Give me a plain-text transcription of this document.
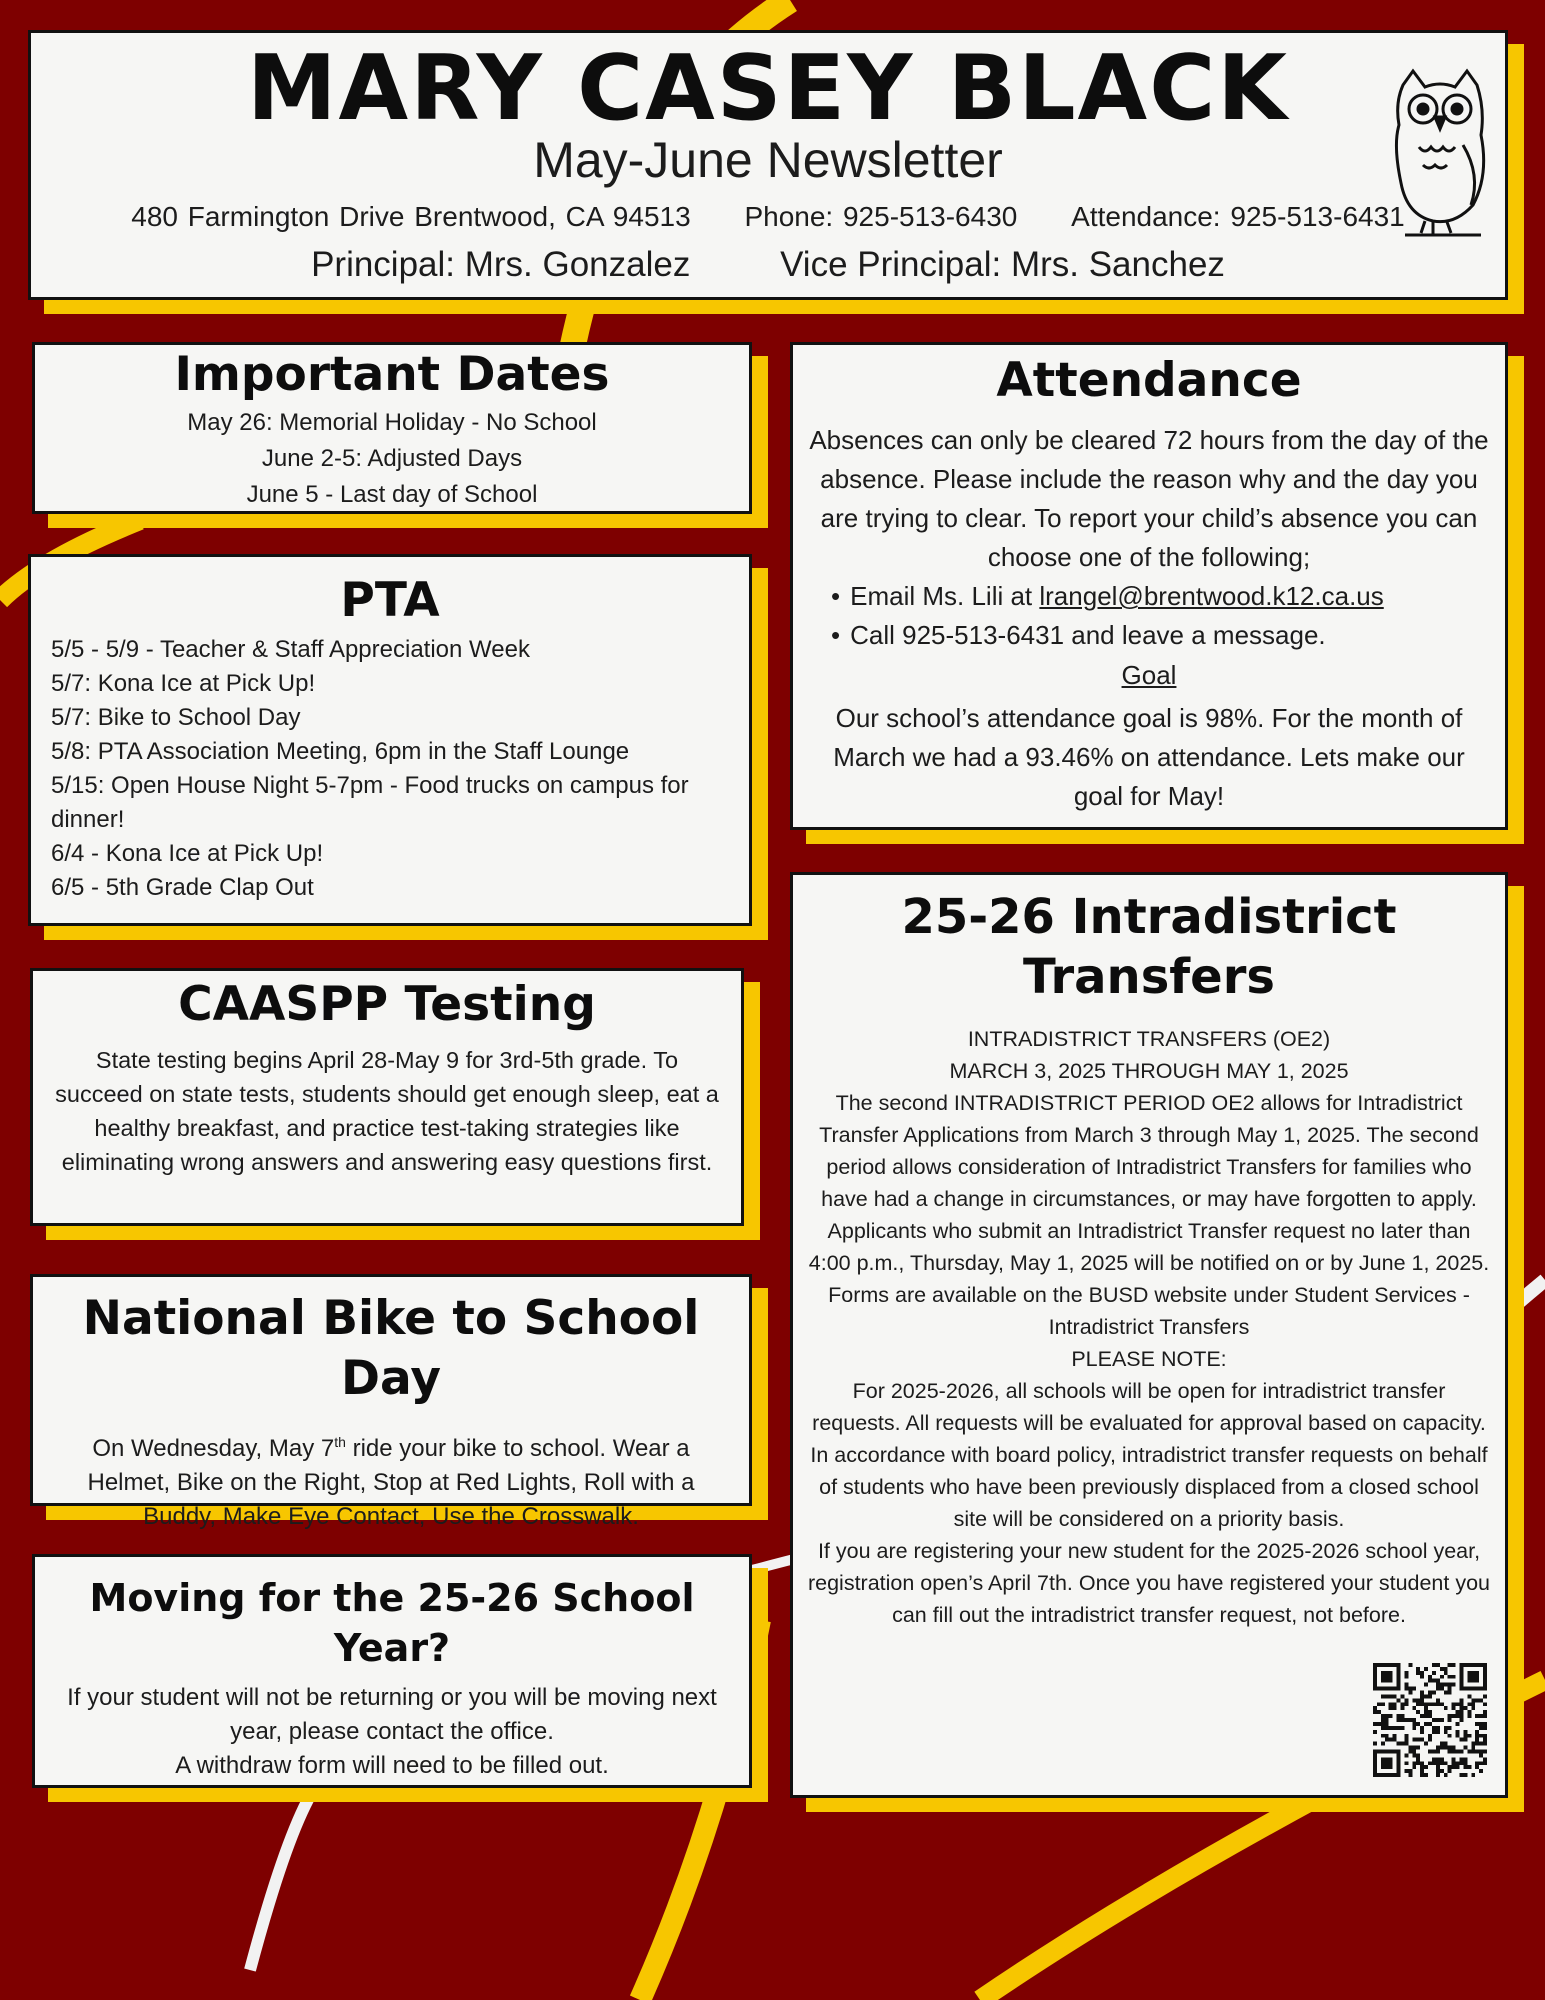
MARY CASEY BLACK
May-June Newsletter
480 Farmington Drive Brentwood, CA 94513 Phone: 925-513-6430 Attendance: 925-513-6431
Principal: Mrs. Gonzalez	Vice Principal: Mrs. Sanchez
Important Dates
May 26: Memorial Holiday - No School
June 2-5: Adjusted Days
June 5 - Last day of School
PTA
5/5 - 5/9 - Teacher & Staff Appreciation Week
5/7: Kona Ice at Pick Up!
5/7: Bike to School Day
5/8: PTA Association Meeting, 6pm in the Staff Lounge
5/15: Open House Night 5-7pm - Food trucks on campus for dinner!
6/4 - Kona Ice at Pick Up!
6/5 - 5th Grade Clap Out
CAASPP Testing

State testing begins April 28-May 9 for 3rd-5th grade. To succeed on state tests, students should get enough sleep, eat a healthy breakfast, and practice test-taking strategies like eliminating wrong answers and answering easy questions first.

National Bike to School Day

On Wednesday, May 7th ride your bike to school. Wear a Helmet, Bike on the Right, Stop at Red Lights, Roll with a Buddy, Make Eye Contact, Use the Crosswalk.

Moving for the 25-26 School Year?

If your student will not be returning or you will be moving next year, please contact the office.

A withdraw form will need to be filled out.

Attendance

Absences can only be cleared 72 hours from the day of the absence. Please include the reason why and the day you are trying to clear. To report your child’s absence you can choose one of the following;

• Email Ms. Lili at lrangel@brentwood.k12.ca.us
• Call 925-513-6431 and leave a message.

Goal

Our school’s attendance goal is 98%. For the month of March we had a 93.46% on attendance. Lets make our goal for May!

25-26 Intradistrict Transfers

INTRADISTRICT TRANSFERS (OE2)

MARCH 3, 2025 THROUGH MAY 1, 2025

The second INTRADISTRICT PERIOD OE2 allows for Intradistrict Transfer Applications from March 3 through May 1, 2025. The second period allows consideration of Intradistrict Transfers for families who have had a change in circumstances, or may have forgotten to apply.

Applicants who submit an Intradistrict Transfer request no later than 4:00 p.m., Thursday, May 1, 2025 will be notified on or by June 1, 2025. Forms are available on the BUSD website under Student Services - Intradistrict Transfers

PLEASE NOTE:

For 2025-2026, all schools will be open for intradistrict transfer requests. All requests will be evaluated for approval based on capacity.

In accordance with board policy, intradistrict transfer requests on behalf of students who have been previously displaced from a closed school site will be considered on a priority basis.

If you are registering your new student for the 2025-2026 school year, registration open’s April 7th. Once you have registered your student you can fill out the intradistrict transfer request, not before.
